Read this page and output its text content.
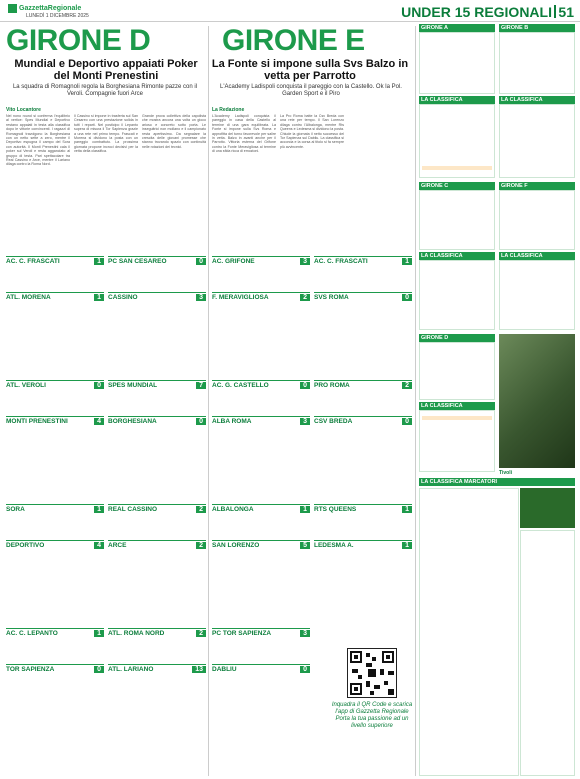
GazzettaRegionale
LUNEDÌ 1 DICEMBRE 2025	UNDER 15 REGIONALI 51
GIRONE D
Mundial e Deportivo appaiati Poker del Monti Prenestini
La squadra di Romagnoli regola la Borghesiana Rimonte pazze con il Veroli. Compagnie fuori Arce
GIRONE E
La Fonte si impone sulla Svs Balzo in vetta per Parrotto
L'Academy Ladispoli conquista il pareggio con la Castello. Ok la Pol. Garden Sport e il Piro
Vito Locantore	La Redazione
Nel nono round si conferma l'equilibrio al vertice: Spes Mundial e Deportivo restano appaiati in testa alla classifica dopo le vittorie convincenti. I ragazzi di Romagnoli travolgono la Borghesiana con un netto sette a zero, mentre il Deportivo espugna il campo del Sora con autorità. Il Monti Prenestini cala il poker sul Veroli e resta agganciato al gruppo di testa. Pari spettacolare tra Real Cassino e Arce, mentre il Lariano dilaga contro la Roma Nord.
Il Cassino si impone in trasferta sul San Cesareo con una prestazione solida in tutti i reparti. Nel posticipo il Lepanto supera di misura il Tor Sapienza grazie a una rete nel primo tempo. Frascati e Morena si dividono la posta con un pareggio combattuto. La prossima giornata propone incroci decisivi per la vetta della classifica.
Grande prova collettiva della capolista che mostra ancora una volta un gioco arioso e concreto sotto porta. Le inseguitrici non mollano e il campionato resta apertissimo. Da segnalare la crescita delle giovani promesse che stanno trovando spazio con continuità nelle rotazioni dei tecnici.
L'Academy Ladispoli conquista il pareggio in casa della Castello al termine di una gara equilibrata. La Fonte si impone sulla Svs Roma e approfitta del turno favorevole per salire in vetta. Balzo in avanti anche per il Parrotto. Vittoria esterna del Grifone contro la Fonte Meravigliosa al termine di una sfida ricca di emozioni.
La Pro Roma batte la Csv Breda con una rete per tempo. Il San Lorenzo dilaga contro l'Albalonga, mentre Rts Queens e Ledesma si dividono la posta. Chiude la giornata il netto successo del Tor Sapienza sul Dabliu. La classifica si accorcia e la corsa al titolo si fa sempre più avvincente.
Inquadra il QR Code e scarica l'app di Gazzetta Regionale Porta la tua passione ad un livello superiore
GIRONE A
LA CLASSIFICA
GIRONE B
LA CLASSIFICA
GIRONE C
LA CLASSIFICA
GIRONE F
LA CLASSIFICA
GIRONE D
LA CLASSIFICA
Tivoli
LA CLASSIFICA MARCATORI
AC. C. FRASCATI	1
ATL. MORENA	1
PC SAN CESAREO	0
CASSINO	3
ATL. VEROLI	0
MONTI PRENESTINI	4
SPES MUNDIAL	7
BORGHESIANA	0
SORA	1
DEPORTIVO	4
REAL CASSINO	2
ARCE	2
AC. C. LEPANTO	1
TOR SAPIENZA	0
ATL. ROMA NORD	2
ATL. LARIANO	13
AC. GRIFONE	3
F. MERAVIGLIOSA	2
AC. C. FRASCATI	1
SVS ROMA	0
AC. G. CASTELLO	0
ALBA ROMA	3
PRO ROMA	2
CSV BREDA	0
ALBALONGA	1
SAN LORENZO	5
RTS QUEENS	1
LEDESMA A.	1
PC TOR SAPIENZA	3
DABLIU	0
